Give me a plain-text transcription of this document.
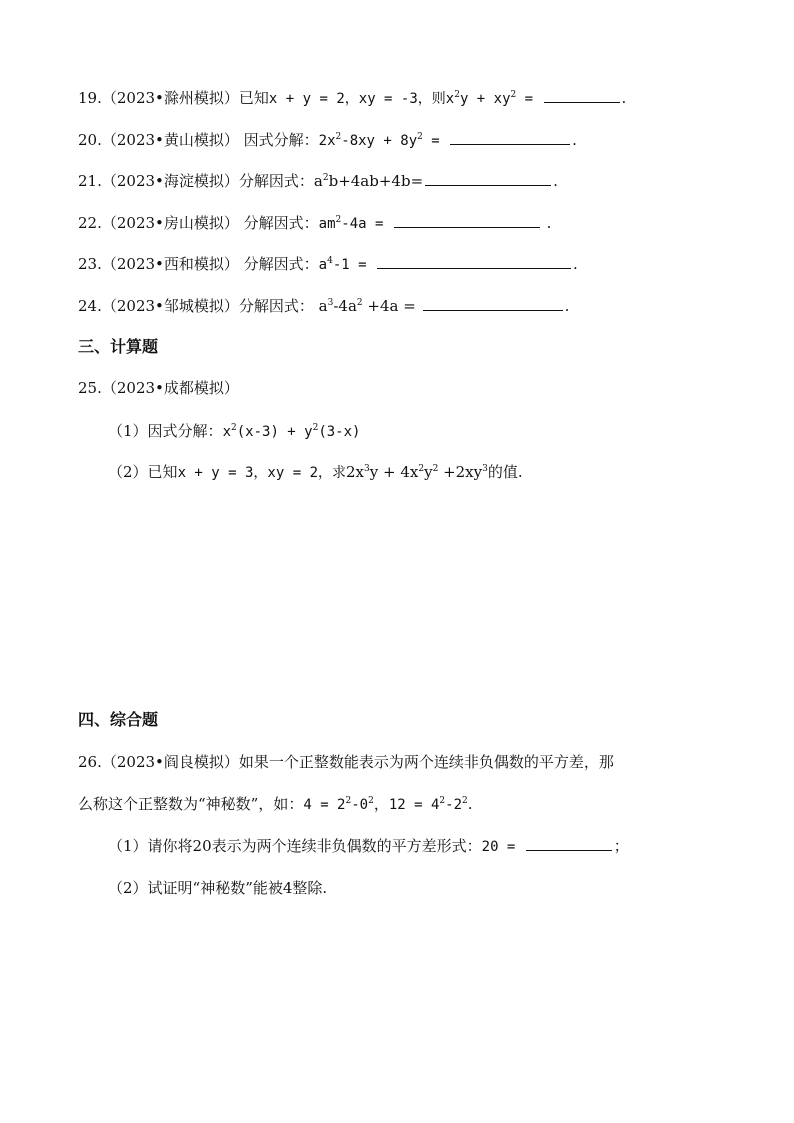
19.（2023•滁州模拟）已知x + y = 2，xy = -3，则$x^2y + xy^2$ =	.
20.（2023•黄山模拟） 因式分解：$2x^2-8xy + 8y^2$ =	.
21.（2023•海淀模拟）分解因式：$a^2b+4ab+4b=$	.
22.（2023•房山模拟） 分解因式：$am^2-4a$ =	.
23.（2023•西和模拟） 分解因式：$a^4-1$ =	.
24.（2023•邹城模拟）分解因式： $a^3-4a^2 +4a$ =	.
三、计算题
25.（2023•成都模拟）
（1）因式分解：$x^2(x-3) + y^2(3-x)$
（2）已知x + y = 3，xy = 2，求$2x^3y + 4x^2y^2 +2xy^3$的值.
四、综合题
26.（2023•阎良模拟）如果一个正整数能表示为两个连续非负偶数的平方差，那
么称这个正整数为“神秘数”，如：$4 = 2^2-0^2$，$12 = 4^2-2^2$.
（1）请你将20表示为两个连续非负偶数的平方差形式：20 =	；
（2）试证明“神秘数”能被4整除.
